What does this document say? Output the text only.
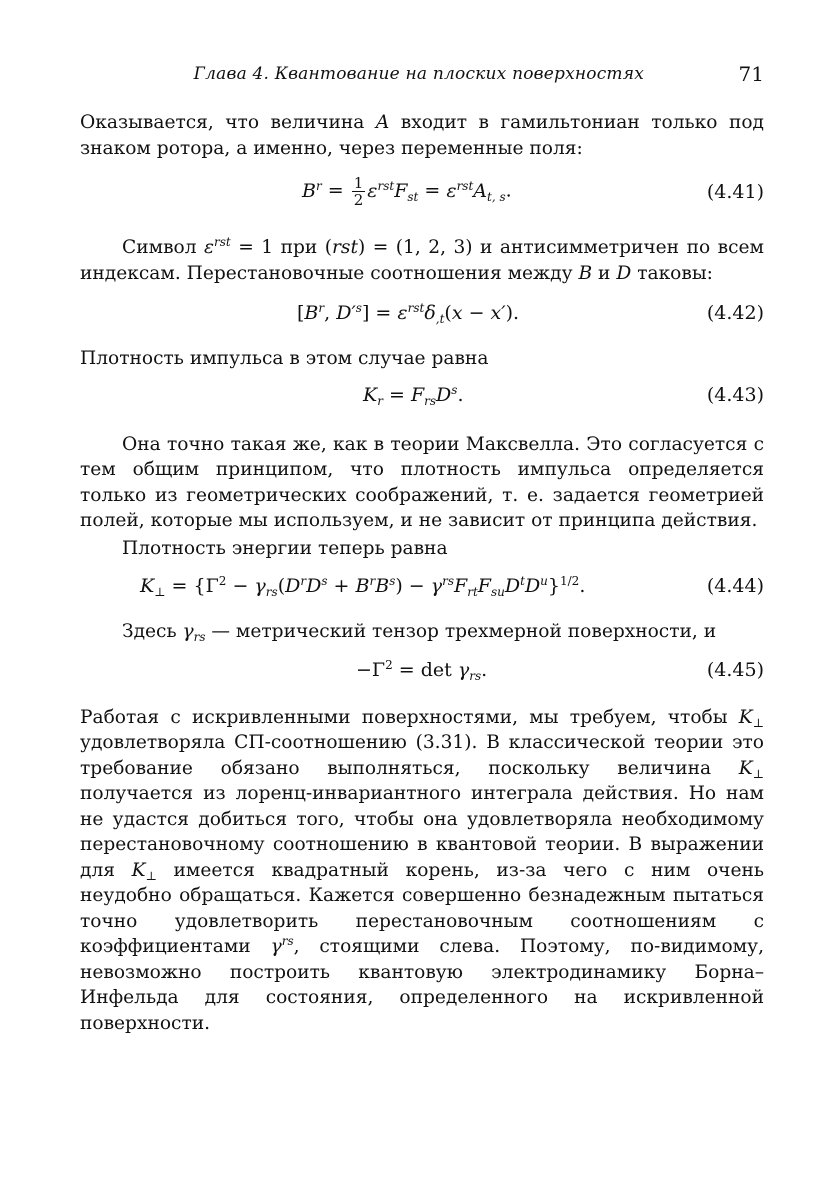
Глава 4. Квантование на плоских поверхностях	71

Оказывается, что величина A входит в гамильтониан только под знаком ротора, а именно, через переменные поля:

$B^r = \frac{1}{2} \varepsilon^{rst}F_{st} = \varepsilon^{rst}A_{t, s}$.	(4.41)

Символ $\varepsilon^{rst} = 1$ при (rst) = (1, 2, 3) и антисимметричен по всем индексам. Перестановочные соотношения между B и D таковы:

[$B^r$, $D'^s] = \varepsilon^{rst}\delta_{,t}(x - x')$.	(4.42)

Плотность импульса в этом случае равна

$K_r = F_{rs}D^s$.	(4.43)

Она точно такая же, как в теории Максвелла. Это согласуется с тем общим принципом, что плотность импульса определяется только из геометрических соображений, т. е. задается геометрией полей, которые мы используем, и не зависит от принципа действия.

Плотность энергии теперь равна

$K_\perp = \{\Gamma^2 - \gamma_{rs}(D^rD^s + B^rB^s) - \gamma^{rs}F_{rt}F_{su}D^tD^u\}^{1/2}$.	(4.44)

Здесь $\gamma_{rs}$ — метрический тензор трехмерной поверхности, и

$-\Gamma^2 = \det \gamma_{rs}$.	(4.45)

Работая с искривленными поверхностями, мы требуем, чтобы $K_\perp$ удовлетворяла СП-соотношению (3.31). В классической теории это требование обязано выполняться, поскольку величина $K_\perp$ получается из лоренц-инвариантного интеграла действия. Но нам не удастся добиться того, чтобы она удовлетворяла необходимому перестановочному соотношению в квантовой теории. В выражении для $K_\perp$ имеется квадратный корень, из-за чего с ним очень неудобно обращаться. Кажется совершенно безнадежным пытаться точно удовлетворить перестановочным соотношениям с коэффициентами $\gamma^{rs}$, стоящими слева. Поэтому, по-видимому, невозможно построить квантовую электродинамику Борна–Инфельда для состояния, определенного на искривленной поверхности.
